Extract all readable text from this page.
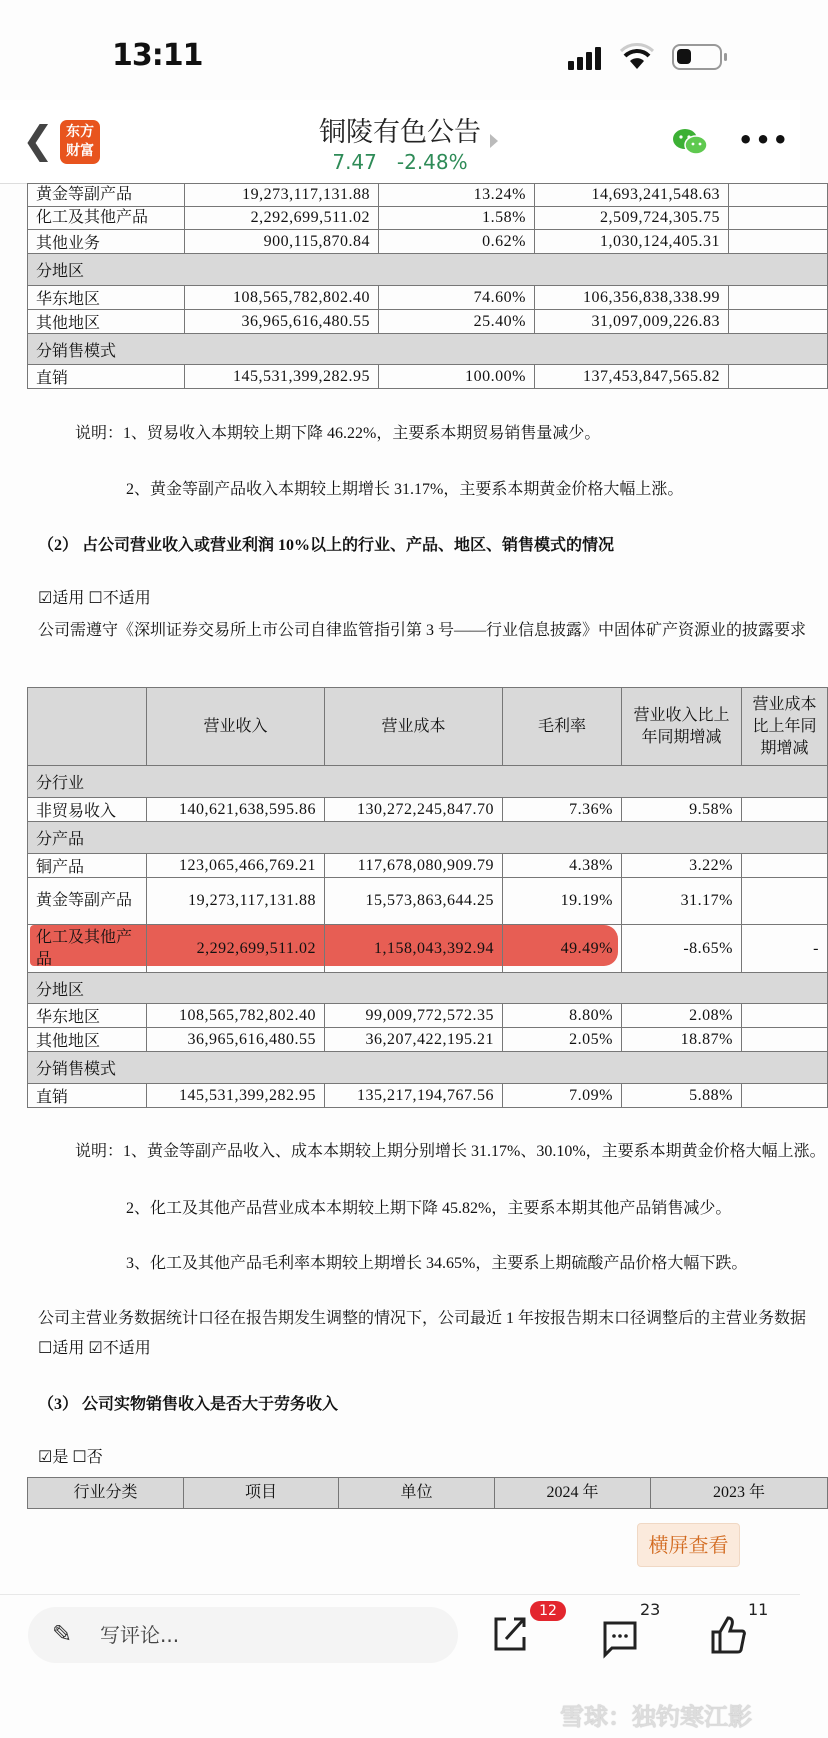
13:11
❮ 东方财富
铜陵有色公告
7.47 -2.48%
•••
黄金等副产品	19,273,117,131.88	13.24%	14,693,241,548.63	
化工及其他产品	2,292,699,511.02	1.58%	2,509,724,305.75	
其他业务	900,115,870.84	0.62%	1,030,124,405.31	
分地区				
华东地区	108,565,782,802.40	74.60%	106,356,838,338.99	
其他地区	36,965,616,480.55	25.40%	31,097,009,226.83	
分销售模式				
直销	145,531,399,282.95	100.00%	137,453,847,565.82	
说明：1、贸易收入本期较上期下降 46.22%，主要系本期贸易销售量减少。
2、黄金等副产品收入本期较上期增长 31.17%，主要系本期黄金价格大幅上涨。
（2） 占公司营业收入或营业利润 10%以上的行业、产品、地区、销售模式的情况
☑适用 ☐不适用
公司需遵守《深圳证券交易所上市公司自律监管指引第 3 号——行业信息披露》中固体矿产资源业的披露要求
	营业收入	营业成本	毛利率	营业收入比上年同期增减	营业成本比上年同期增减
分行业					
非贸易收入	140,621,638,595.86	130,272,245,847.70	7.36%	9.58%	
分产品					
铜产品	123,065,466,769.21	117,678,080,909.79	4.38%	3.22%	
黄金等副产品	19,273,117,131.88	15,573,863,644.25	19.19%	31.17%	
化工及其他产品	2,292,699,511.02	1,158,043,392.94	49.49%	-8.65%	-
分地区					
华东地区	108,565,782,802.40	99,009,772,572.35	8.80%	2.08%	
其他地区	36,965,616,480.55	36,207,422,195.21	2.05%	18.87%	
分销售模式					
直销	145,531,399,282.95	135,217,194,767.56	7.09%	5.88%	
说明：1、黄金等副产品收入、成本本期较上期分别增长 31.17%、30.10%，主要系本期黄金价格大幅上涨。
2、化工及其他产品营业成本本期较上期下降 45.82%，主要系本期其他产品销售减少。
3、化工及其他产品毛利率本期较上期增长 34.65%，主要系上期硫酸产品价格大幅下跌。
公司主营业务数据统计口径在报告期发生调整的情况下，公司最近 1 年按报告期末口径调整后的主营业务数据
☐适用 ☑不适用
（3） 公司实物销售收入是否大于劳务收入
☑是 ☐否
行业分类	项目	单位	2024 年	2023 年
横屏查看
写评论...
✎
12	23	11
雪球：独钓寒江影
